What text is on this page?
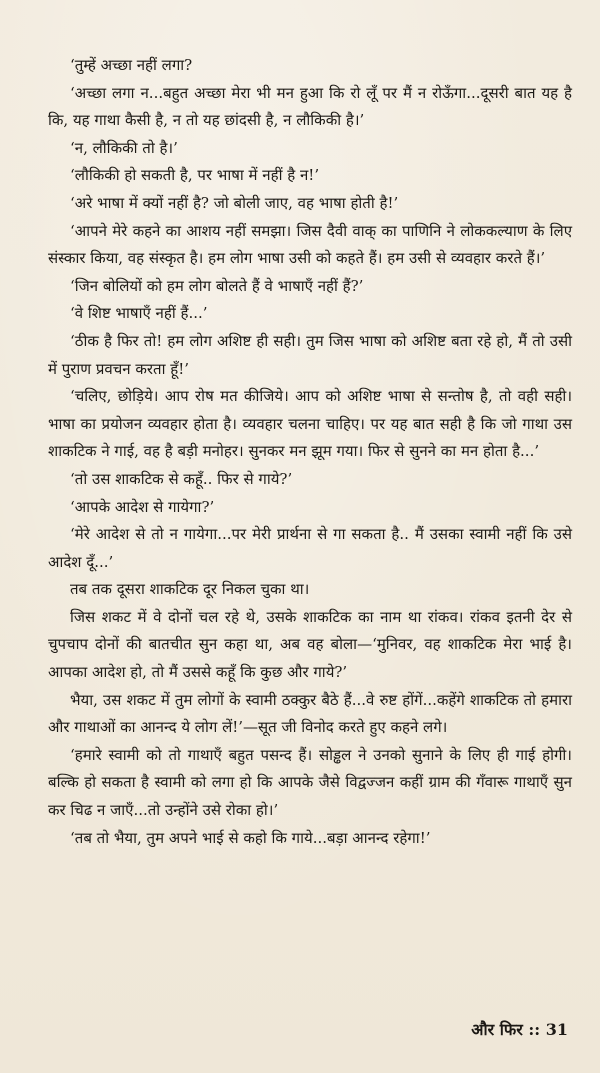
‘तुम्हें अच्छा नहीं लगा?

‘अच्छा लगा न...बहुत अच्छा मेरा भी मन हुआ कि रो लूँ पर मैं न रोऊँगा...दूसरी बात यह है कि, यह गाथा कैसी है, न तो यह छांदसी है, न लौकिकी है।’

‘न, लौकिकी तो है।’

‘लौकिकी हो सकती है, पर भाषा में नहीं है न!’

‘अरे भाषा में क्यों नहीं है? जो बोली जाए, वह भाषा होती है!’

‘आपने मेरे कहने का आशय नहीं समझा। जिस दैवी वाक् का पाणिनि ने लोककल्याण के लिए संस्कार किया, वह संस्कृत है। हम लोग भाषा उसी को कहते हैं। हम उसी से व्यवहार करते हैं।’

‘जिन बोलियों को हम लोग बोलते हैं वे भाषाएँ नहीं हैं?’

‘वे शिष्ट भाषाएँ नहीं हैं...’

‘ठीक है फिर तो! हम लोग अशिष्ट ही सही। तुम जिस भाषा को अशिष्ट बता रहे हो, मैं तो उसी में पुराण प्रवचन करता हूँ!’

‘चलिए, छोड़िये। आप रोष मत कीजिये। आप को अशिष्ट भाषा से सन्तोष है, तो वही सही। भाषा का प्रयोजन व्यवहार होता है। व्यवहार चलना चाहिए। पर यह बात सही है कि जो गाथा उस शाकटिक ने गाई, वह है बड़ी मनोहर। सुनकर मन झूम गया। फिर से सुनने का मन होता है...’

‘तो उस शाकटिक से कहूँ.. फिर से गाये?’

‘आपके आदेश से गायेगा?’

‘मेरे आदेश से तो न गायेगा...पर मेरी प्रार्थना से गा सकता है.. मैं उसका स्वामी नहीं कि उसे आदेश दूँ...’

तब तक दूसरा शाकटिक दूर निकल चुका था।

जिस शकट में वे दोनों चल रहे थे, उसके शाकटिक का नाम था रांकव। रांकव इतनी देर से चुपचाप दोनों की बातचीत सुन कहा था, अब वह बोला—‘मुनिवर, वह शाकटिक मेरा भाई है। आपका आदेश हो, तो मैं उससे कहूँ कि कुछ और गाये?’

भैया, उस शकट में तुम लोगों के स्वामी ठक्कुर बैठे हैं...वे रुष्ट होंगें...कहेंगे शाकटिक तो हमारा और गाथाओं का आनन्द ये लोग लें!’—सूत जी विनोद करते हुए कहने लगे।

‘हमारे स्वामी को तो गाथाएँ बहुत पसन्द हैं। सोड्ढल ने उनको सुनाने के लिए ही गाई होगी। बल्कि हो सकता है स्वामी को लगा हो कि आपके जैसे विद्वज्जन कहीं ग्राम की गँवारू गाथाएँ सुन कर चिढ न जाएँ...तो उन्होंने उसे रोका हो।’

‘तब तो भैया, तुम अपने भाई से कहो कि गाये...बड़ा आनन्द रहेगा!’

और फिर :: 31
